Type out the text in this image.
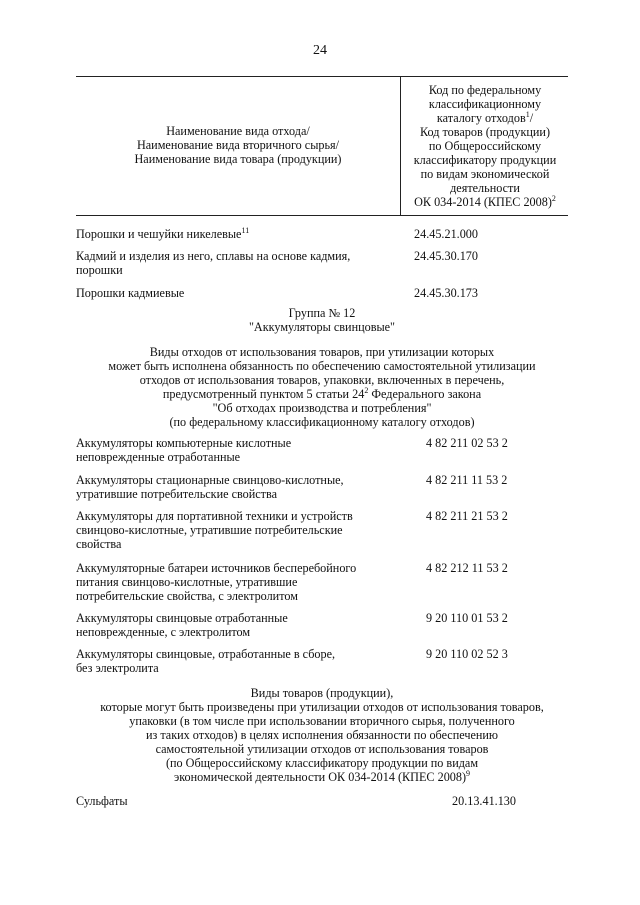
24
Наименование вида отхода/
Наименование вида вторичного сырья/
Наименование вида товара (продукции)
Код по федеральному
классификационному
каталогу отходов$^1$/
Код товаров (продукции)
по Общероссийскому
классификатору продукции
по видам экономической
деятельности
ОК 034-2014 (КПЕС 2008)$^2$
Порошки и чешуйки никелевые$^{11}$	24.45.21.000
Кадмий и изделия из него, сплавы на основе кадмия,
порошки
24.45.30.170
Порошки кадмиевые	24.45.30.173
Группа № 12
"Аккумуляторы свинцовые"
Виды отходов от использования товаров, при утилизации которых
может быть исполнена обязанность по обеспечению самостоятельной утилизации
отходов от использования товаров, упаковки, включенных в перечень,
предусмотренный пунктом 5 статьи $24^2$ Федерального закона
"Об отходах производства и потребления"
(по федеральному классификационному каталогу отходов)
Аккумуляторы компьютерные кислотные
неповрежденные отработанные
4 82 211 02 53 2
Аккумуляторы стационарные свинцово-кислотные,
утратившие потребительские свойства
4 82 211 11 53 2
Аккумуляторы для портативной техники и устройств
свинцово-кислотные, утратившие потребительские
свойства
4 82 211 21 53 2
Аккумуляторные батареи источников бесперебойного
питания свинцово-кислотные, утратившие
потребительские свойства, с электролитом
4 82 212 11 53 2
Аккумуляторы свинцовые отработанные
неповрежденные, с электролитом
9 20 110 01 53 2
Аккумуляторы свинцовые, отработанные в сборе,
без электролита
9 20 110 02 52 3
Виды товаров (продукции),
которые могут быть произведены при утилизации отходов от использования товаров,
упаковки (в том числе при использовании вторичного сырья, полученного
из таких отходов) в целях исполнения обязанности по обеспечению
самостоятельной утилизации отходов от использования товаров
(по Общероссийскому классификатору продукции по видам
экономической деятельности ОК 034-2014 (КПЕС 2008)$^9$
Сульфаты	20.13.41.130
